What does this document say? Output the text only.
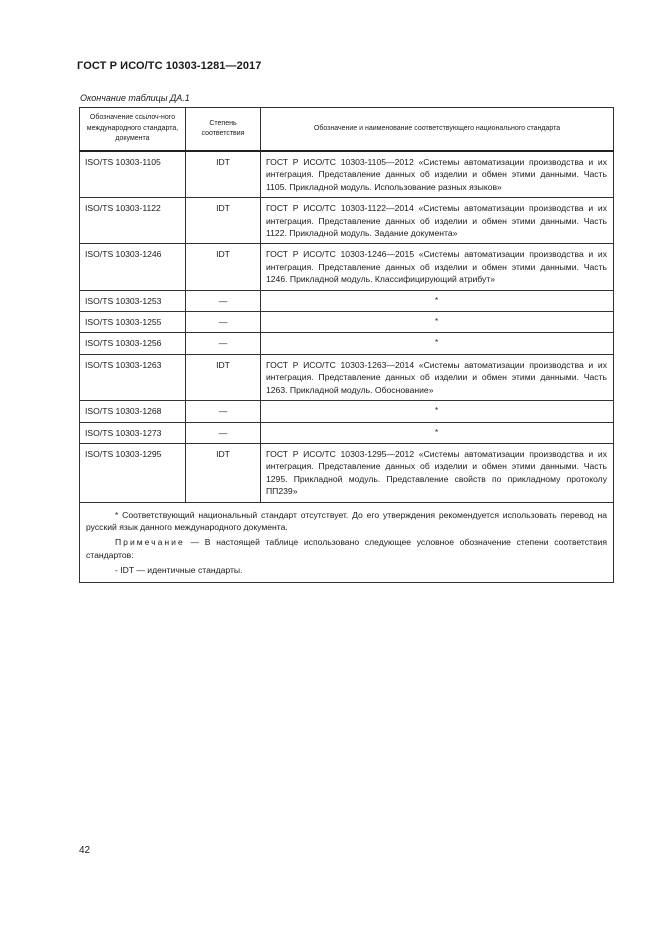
ГОСТ Р ИСО/ТС 10303-1281—2017
Окончание таблицы ДА.1
Обозначение ссылоч-ного международного стандарта, документа	Степень соответствия	Обозначение и наименование соответствующего национального стандарта
ISO/TS 10303-1105	IDT	ГОСТ Р ИСО/ТС 10303-1105—2012 «Системы автоматизации производства и их интеграция. Представление данных об изделии и обмен этими данными. Часть 1105. Прикладной модуль. Использование разных языков»
ISO/TS 10303-1122	IDT	ГОСТ Р ИСО/ТС 10303-1122—2014 «Системы автоматизации производства и их интеграция. Представление данных об изделии и обмен этими данными. Часть 1122. Прикладной модуль. Задание документа»
ISO/TS 10303-1246	IDT	ГОСТ Р ИСО/ТС 10303-1246—2015 «Системы автоматизации производства и их интеграция. Представление данных об изделии и обмен этими данными. Часть 1246. Прикладной модуль. Классифицирующий атрибут»
ISO/TS 10303-1253	—	*
ISO/TS 10303-1255	—	*
ISO/TS 10303-1256	—	*
ISO/TS 10303-1263	IDT	ГОСТ Р ИСО/ТС 10303-1263—2014 «Системы автоматизации производства и их интеграция. Представление данных об изделии и обмен этими данными. Часть 1263. Прикладной модуль. Обоснование»
ISO/TS 10303-1268	—	*
ISO/TS 10303-1273	—	*
ISO/TS 10303-1295	IDT	ГОСТ Р ИСО/ТС 10303-1295—2012 «Системы автоматизации производства и их интеграция. Представление данных об изделии и обмен этими данными. Часть 1295. Прикладной модуль. Представление свойств по прикладному протоколу ПП239»

* Соответствующий национальный стандарт отсутствует. До его утверждения рекомендуется использовать перевод на русский язык данного международного документа.

Примечание — В настоящей таблице использовано следующее условное обозначение степени соответствия стандартов:

- IDT — идентичные стандарты.		

42
